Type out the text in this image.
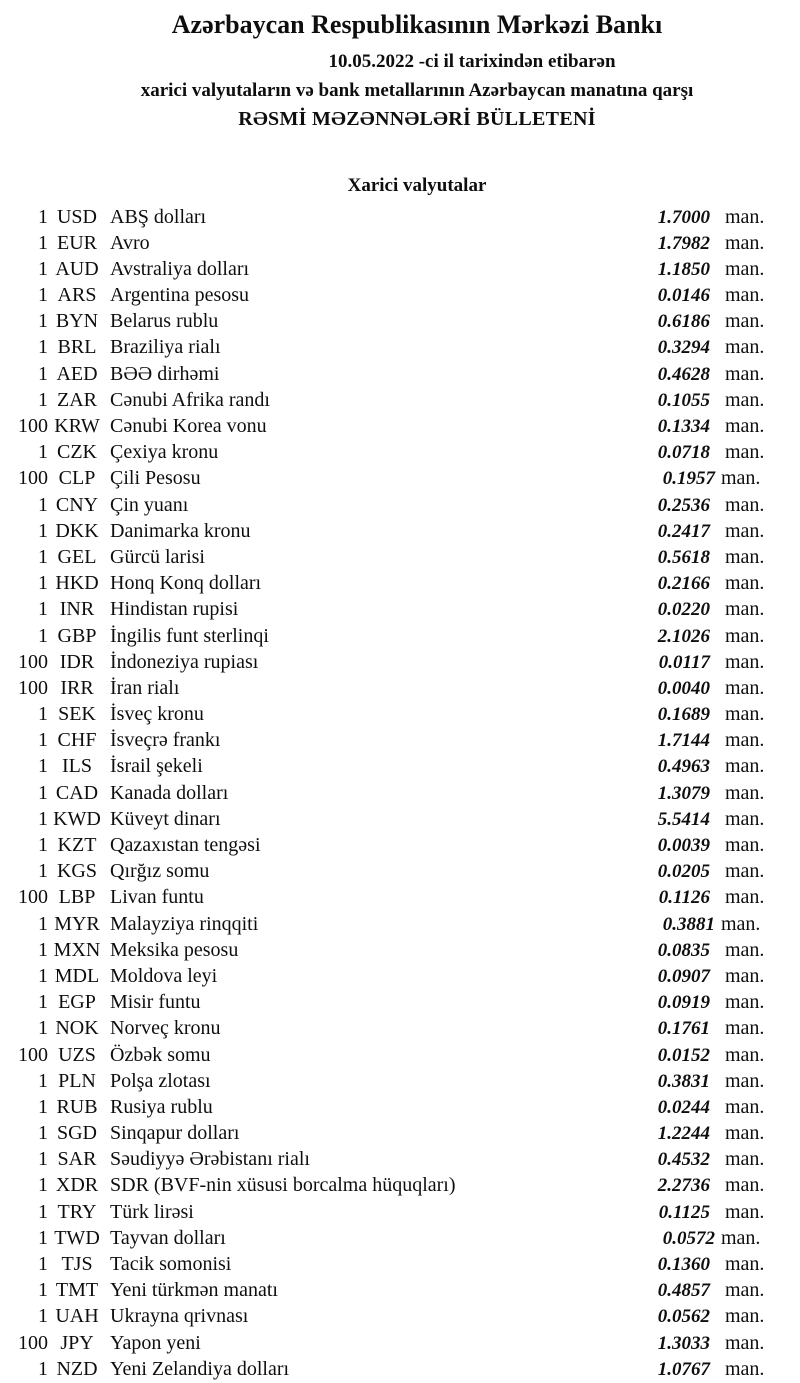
Azərbaycan Respublikasının Mərkəzi Bankı
10.05.2022 -ci il tarixindən etibarən
xarici valyutaların və bank metallarının Azərbaycan manatına qarşı
RƏSMİ MƏZƏNNƏLƏRİ BÜLLETENİ
Xarici valyutalar
1 USD ABŞ dolları	1.7000 man.
1 EUR Avro	1.7982 man.
1 AUD Avstraliya dolları	1.1850 man.
1 ARS Argentina pesosu	0.0146 man.
1 BYN Belarus rublu	0.6186 man.
1 BRL Braziliya rialı	0.3294 man.
1 AED BƏƏ dirhəmi	0.4628 man.
1 ZAR Cənubi Afrika randı	0.1055 man.
100 KRW Cənubi Korea vonu	0.1334 man.
1 CZK Çexiya kronu	0.0718 man.
100 CLP Çili Pesosu	0.1957 man.
1 CNY Çin yuanı	0.2536 man.
1 DKK Danimarka kronu	0.2417 man.
1 GEL Gürcü larisi	0.5618 man.
1 HKD Honq Konq dolları	0.2166 man.
1 INR Hindistan rupisi	0.0220 man.
1 GBP İngilis funt sterlinqi	2.1026 man.
100 IDR İndoneziya rupiası	0.0117 man.
100 IRR İran rialı	0.0040 man.
1 SEK İsveç kronu	0.1689 man.
1 CHF İsveçrə frankı	1.7144 man.
1 ILS İsrail şekeli	0.4963 man.
1 CAD Kanada dolları	1.3079 man.
1 KWD Küveyt dinarı	5.5414 man.
1 KZT Qazaxıstan tengəsi	0.0039 man.
1 KGS Qırğız somu	0.0205 man.
100 LBP Livan funtu	0.1126 man.
1 MYR Malayziya rinqqiti	0.3881 man.
1 MXN Meksika pesosu	0.0835 man.
1 MDL Moldova leyi	0.0907 man.
1 EGP Misir funtu	0.0919 man.
1 NOK Norveç kronu	0.1761 man.
100 UZS Özbək somu	0.0152 man.
1 PLN Polşa zlotası	0.3831 man.
1 RUB Rusiya rublu	0.0244 man.
1 SGD Sinqapur dolları	1.2244 man.
1 SAR Səudiyyə Ərəbistanı rialı	0.4532 man.
1 XDR SDR (BVF-nin xüsusi borcalma hüquqları)	2.2736 man.
1 TRY Türk lirəsi	0.1125 man.
1 TWD Tayvan dolları	0.0572 man.
1 TJS Tacik somonisi	0.1360 man.
1 TMT Yeni türkmən manatı	0.4857 man.
1 UAH Ukrayna qrivnası	0.0562 man.
100 JPY Yapon yeni	1.3033 man.
1 NZD Yeni Zelandiya dolları	1.0767 man.
